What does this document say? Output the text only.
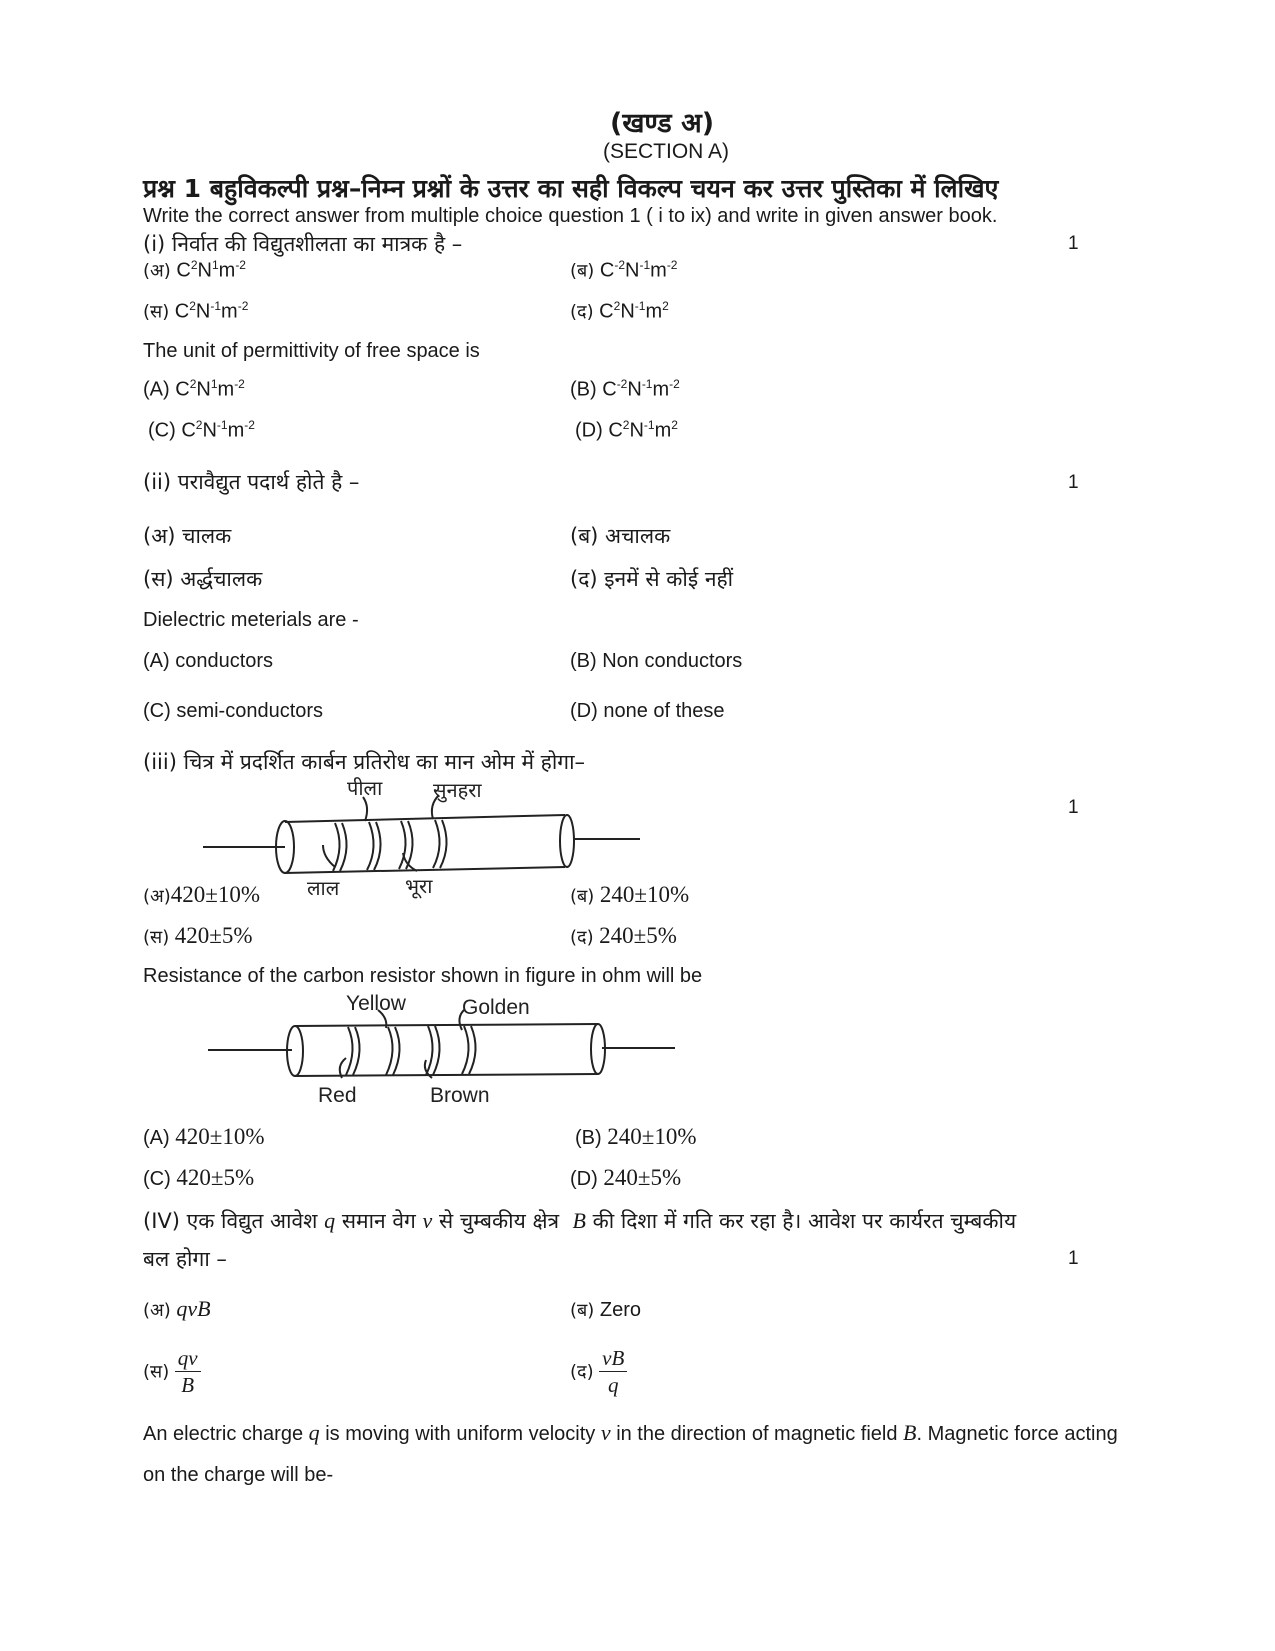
(खण्ड अ)
(SECTION A)
प्रश्न 1 बहुविकल्पी प्रश्न–निम्न प्रश्नों के उत्तर का सही विकल्प चयन कर उत्तर पुस्तिका में लिखिए
Write the correct answer from multiple choice question 1 ( i to ix) and write in given answer book.
(i) निर्वात की विद्युतशीलता का मात्रक है –	1
(अ) $C^2N^1m^{-2}$	(ब) $C^{-2}N^{-1}m^{-2}$
(स) $C^2N^{-1}m^{-2}$	(द) $C^2N^{-1}m^2$
The unit of permittivity of free space is
(A) $C^2N^1m^{-2}$	(B) $C^{-2}N^{-1}m^{-2}$
(C) $C^2N^{-1}m^{-2}$	(D) $C^2N^{-1}m^2$
(ii) परावैद्युत पदार्थ होते है –	1
(अ) चालक	(ब) अचालक
(स) अर्द्धचालक	(द) इनमें से कोई नहीं
Dielectric meterials are -
(A) conductors	(B) Non conductors
(C) semi-conductors	(D) none of these
(iii) चित्र में प्रदर्शित कार्बन प्रतिरोध का मान ओम में होगा–
1
पीला	सुनहरा
लाल	भूरा
(अ)420±10%	(ब) 240±10%
(स) 420±5%	(द) 240±5%
Resistance of the carbon resistor shown in figure in ohm will be
Yellow	Golden
Red	Brown
(A) 420±10%	(B) 240±10%
(C) 420±5%	(D) 240±5%
(IV) एक विद्युत आवेश q समान वेग v से चुम्बकीय क्षेत्र B की दिशा में गति कर रहा है। आवेश पर कार्यरत चुम्बकीय
बल होगा –	1
(अ) qvB	(ब) Zero
(स) $\frac{qv}{B}$	(द) $\frac{vB}{q}$
An electric charge q is moving with uniform velocity v in the direction of magnetic field B. Magnetic force acting
on the charge will be-
